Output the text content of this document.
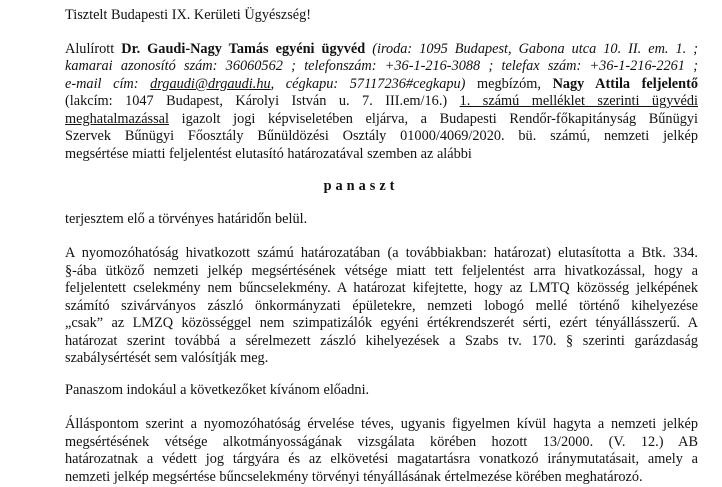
Tisztelt Budapesti IX. Kerületi Ügyészség!
Alulírott Dr. Gaudi-Nagy Tamás egyéni ügyvéd (iroda: 1095 Budapest, Gabona utca 10. II. em. 1. ;
kamarai azonosító szám: 36060562 ; telefonszám: +36-1-216-3088 ; telefax szám: +36-1-216-2261 ;
e-mail cím: drgaudi@drgaudi.hu, cégkapu: 57117236#cegkapu) megbízóm, Nagy Attila feljelentő
(lakcím: 1047 Budapest, Károlyi István u. 7. III.em/16.) 1. számú melléklet szerinti ügyvédi
meghatalmazással igazolt jogi képviseletében eljárva, a Budapesti Rendőr-főkapitányság Bűnügyi
Szervek Bűnügyi Főosztály Bűnüldözési Osztály 01000/4069/2020. bü. számú, nemzeti jelkép
megsértése miatti feljelentést elutasító határozatával szemben az alábbi
panaszt
terjesztem elő a törvényes határidőn belül.
A nyomozóhatóság hivatkozott számú határozatában (a továbbiakban: határozat) elutasította a Btk. 334.
§-ába ütköző nemzeti jelkép megsértésének vétsége miatt tett feljelentést arra hivatkozással, hogy a
feljelentett cselekmény nem bűncselekmény. A határozat kifejtette, hogy az LMTQ közösség jelképének
számító szivárványos zászló önkormányzati épületekre, nemzeti lobogó mellé történő kihelyezése
„csak” az LMZQ közösséggel nem szimpatizálók egyéni értékrendszerét sérti, ezért tényállásszerű. A
határozat szerint továbbá a sérelmezett zászló kihelyezések a Szabs tv. 170. § szerinti garázdaság
szabálysértését sem valósítják meg.
Panaszom indokául a következőket kívánom előadni.
Álláspontom szerint a nyomozóhatóság érvelése téves, ugyanis figyelmen kívül hagyta a nemzeti jelkép
megsértésének vétsége alkotmányosságának vizsgálata körében hozott 13/2000. (V. 12.) AB
határozatnak a védett jog tárgyára és az elkövetési magatartásra vonatkozó iránymutatásait, amely a
nemzeti jelkép megsértése bűncselekmény törvényi tényállásának értelmezése körében meghatározó.
